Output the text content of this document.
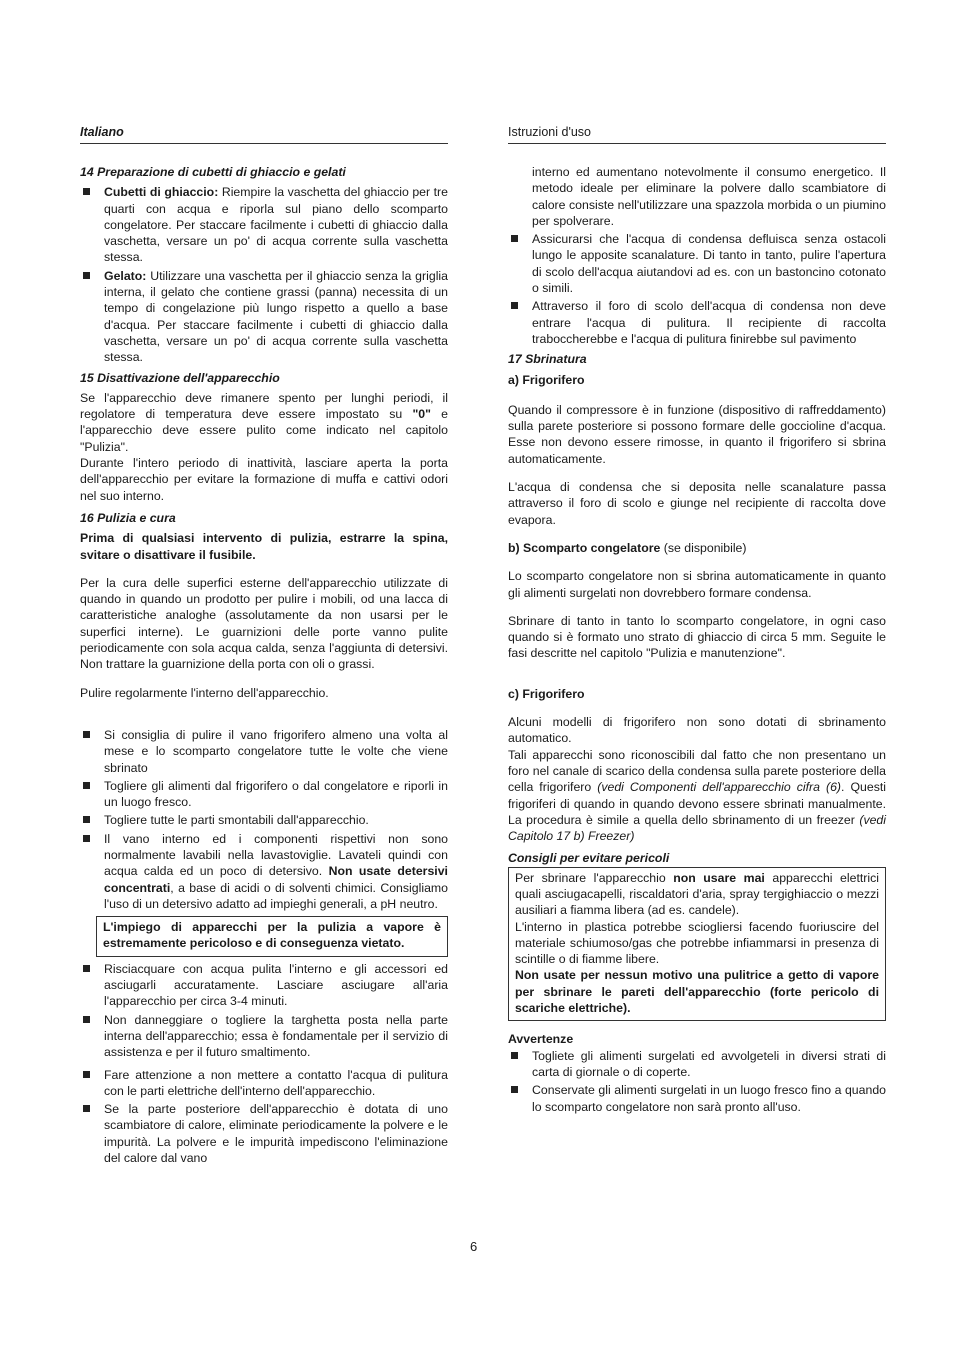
Italiano
14 Preparazione di cubetti di ghiaccio e gelati
Cubetti di ghiaccio: Riempire la vaschetta del ghiaccio per tre quarti con acqua e riporla sul piano dello scomparto congelatore. Per staccare facilmente i cubetti di ghiaccio dalla vaschetta, versare un po' di acqua corrente sulla vaschetta stessa.
Gelato: Utilizzare una vaschetta per il ghiaccio senza la griglia interna, il gelato che contiene grassi (panna) necessita di un tempo di congelazione più lungo rispetto a quello a base d'acqua. Per staccare facilmente i cubetti di ghiaccio dalla vaschetta, versare un po' di acqua corrente sulla vaschetta stessa.
15 Disattivazione dell'apparecchio

Se l'apparecchio deve rimanere spento per lunghi periodi, il regolatore di temperatura deve essere impostato su "0" e l'apparecchio deve essere pulito come indicato nel capitolo "Pulizia".

Durante l'intero periodo di inattività, lasciare aperta la porta dell'apparecchio per evitare la formazione di muffa e cattivi odori nel suo interno.

16 Pulizia e cura

Prima di qualsiasi intervento di pulizia, estrarre la spina, svitare o disattivare il fusibile.

Per la cura delle superfici esterne dell'apparecchio utilizzate di quando in quando un prodotto per pulire i mobili, od una lacca di caratteristiche analoghe (assolutamente da non usarsi per le superfici interne). Le guarnizioni delle porte vanno pulite periodicamente con sola acqua calda, senza l'aggiunta di detersivi. Non trattare la guarnizione della porta con oli o grassi.

Pulire regolarmente l'interno dell'apparecchio.

Si consiglia di pulire il vano frigorifero almeno una volta al mese e lo scomparto congelatore tutte le volte che viene sbrinato
Togliere gli alimenti dal frigorifero o dal congelatore e riporli in un luogo fresco.
Togliere tutte le parti smontabili dall'apparecchio.
Il vano interno ed i componenti rispettivi non sono normalmente lavabili nella lavastoviglie. Lavateli quindi con acqua calda ed un poco di detersivo. Non usate detersivi concentrati, a base di acidi o di solventi chimici. Consigliamo l'uso di un detersivo adatto ad impieghi generali, a pH neutro.
L'impiego di apparecchi per la pulizia a vapore è estremamente pericoloso e di conseguenza vietato.
Risciacquare con acqua pulita l'interno e gli accessori ed asciugarli accuratamente. Lasciare asciugare all'aria l'apparecchio per circa 3-4 minuti.
Non danneggiare o togliere la targhetta posta nella parte interna dell'apparecchio; essa è fondamentale per il servizio di assistenza e per il futuro smaltimento.
Fare attenzione a non mettere a contatto l'acqua di pulitura con le parti elettriche dell'interno dell'apparecchio.
Se la parte posteriore dell'apparecchio è dotata di uno scambiatore di calore, eliminate periodicamente la polvere e le impurità. La polvere e le impurità impediscono l'eliminazione del calore dal vano
Istruzioni d'uso

interno ed aumentano notevolmente il consumo energetico. Il metodo ideale per eliminare la polvere dallo scambiatore di calore consiste nell'utilizzare una spazzola morbida o un piumino per spolverare.

Assicurarsi che l'acqua di condensa defluisca senza ostacoli lungo le apposite scanalature. Di tanto in tanto, pulire l'apertura di scolo dell'acqua aiutandovi ad es. con un bastoncino cotonato o simili.
Attraverso il foro di scolo dell'acqua di condensa non deve entrare l'acqua di pulitura. Il recipiente di raccolta traboccherebbe e l'acqua di pulitura finirebbe sul pavimento
17 Sbrinatura
a) Frigorifero

Quando il compressore è in funzione (dispositivo di raffreddamento) sulla parete posteriore si possono formare delle goccioline d'acqua. Esse non devono essere rimosse, in quanto il frigorifero si sbrina automaticamente.

L'acqua di condensa che si deposita nelle scanalature passa attraverso il foro di scolo e giunge nel recipiente di raccolta dove evapora.

b) Scomparto congelatore (se disponibile)

Lo scomparto congelatore non si sbrina automaticamente in quanto gli alimenti surgelati non dovrebbero formare condensa.

Sbrinare di tanto in tanto lo scomparto congelatore, in ogni caso quando si è formato uno strato di ghiaccio di circa 5 mm. Seguite le fasi descritte nel capitolo "Pulizia e manutenzione".

c) Frigorifero

Alcuni modelli di frigorifero non sono dotati di sbrinamento automatico.

Tali apparecchi sono riconoscibili dal fatto che non presentano un foro nel canale di scarico della condensa sulla parete posteriore della cella frigorifero (vedi Componenti dell'apparecchio cifra (6). Questi frigoriferi di quando in quando devono essere sbrinati manualmente. La procedura è simile a quella dello sbrinamento di un freezer (vedi Capitolo 17 b) Freezer)

Consigli per evitare pericoli

Per sbrinare l'apparecchio non usare mai apparecchi elettrici quali asciugacapelli, riscaldatori d'aria, spray tergighiaccio o mezzi ausiliari a fiamma libera (ad es. candele).

L'interno in plastica potrebbe sciogliersi facendo fuoriuscire del materiale schiumoso/gas che potrebbe infiammarsi in presenza di scintille o di fiamme libere.

Non usate per nessun motivo una pulitrice a getto di vapore per sbrinare le pareti dell'apparecchio (forte pericolo di scariche elettriche).

Avvertenze
Togliete gli alimenti surgelati ed avvolgeteli in diversi strati di carta di giornale o di coperte.
Conservate gli alimenti surgelati in un luogo fresco fino a quando lo scomparto congelatore non sarà pronto all'uso.
6
